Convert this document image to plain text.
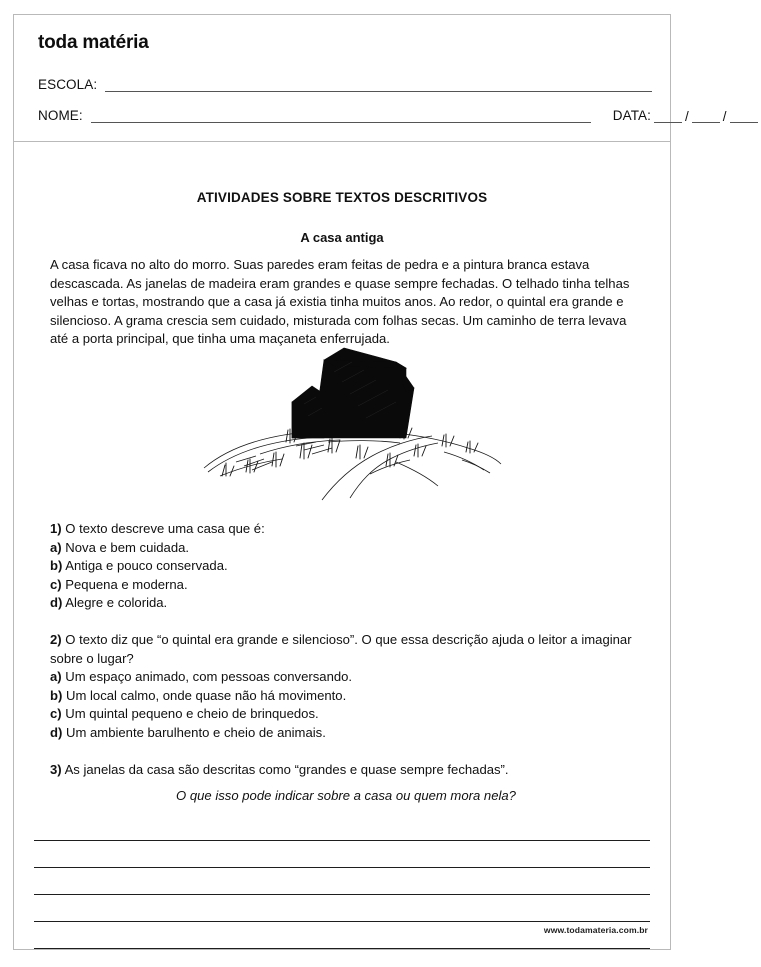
toda matéria
ESCOLA:
NOME:	DATA:	/	/
ATIVIDADES SOBRE TEXTOS DESCRITIVOS
A casa antiga
A casa ficava no alto do morro. Suas paredes eram feitas de pedra e a pintura branca estava descascada. As janelas de madeira eram grandes e quase sempre fechadas. O telhado tinha telhas velhas e tortas, mostrando que a casa já existia tinha muitos anos. Ao redor, o quintal era grande e silencioso. A grama crescia sem cuidado, misturada com folhas secas. Um caminho de terra levava até a porta principal, que tinha uma maçaneta enferrujada.
1) O texto descreve uma casa que é:
a) Nova e bem cuidada.
b) Antiga e pouco conservada.
c) Pequena e moderna.
d) Alegre e colorida.
2) O texto diz que “o quintal era grande e silencioso”. O que essa descrição ajuda o leitor a imaginar sobre o lugar?
a) Um espaço animado, com pessoas conversando.
b) Um local calmo, onde quase não há movimento.
c) Um quintal pequeno e cheio de brinquedos.
d) Um ambiente barulhento e cheio de animais.
3) As janelas da casa são descritas como “grandes e quase sempre fechadas”.
O que isso pode indicar sobre a casa ou quem mora nela?
www.todamateria.com.br
